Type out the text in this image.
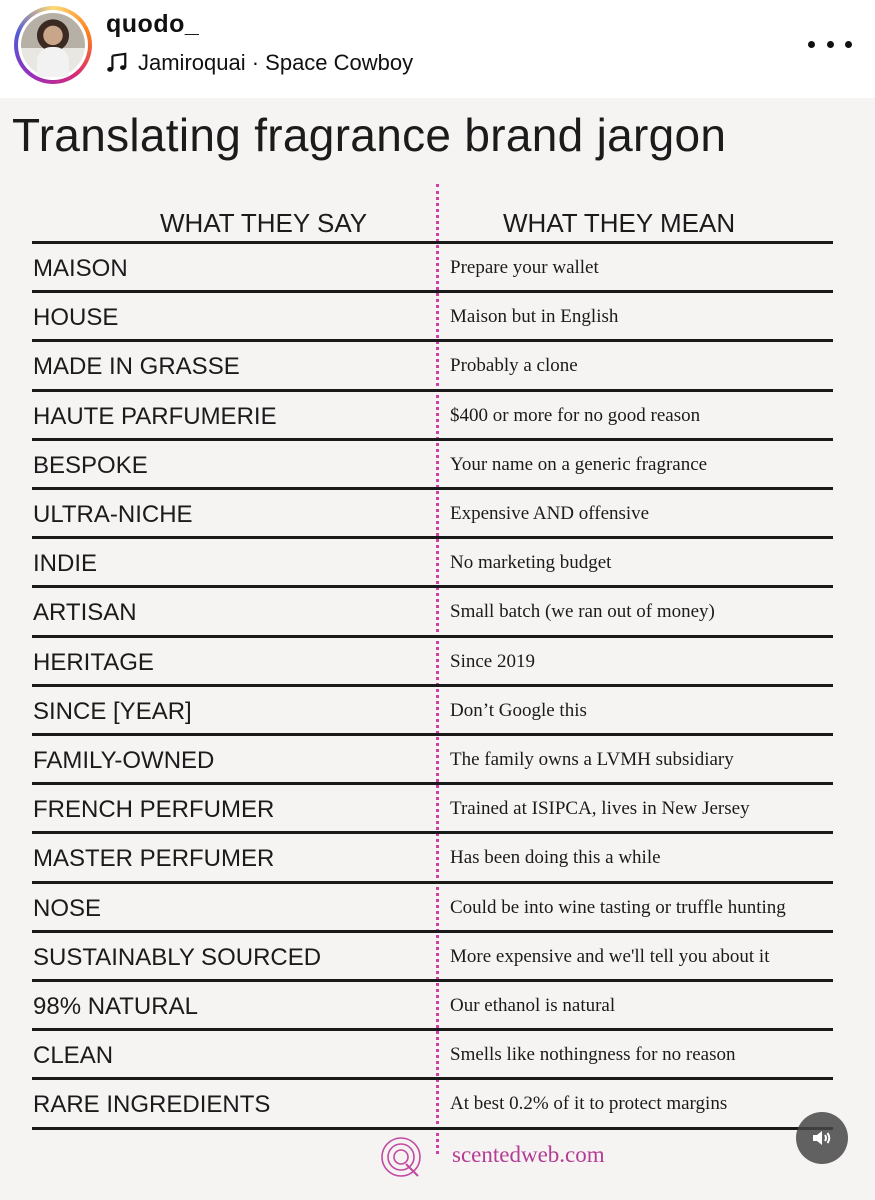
quodo_
Jamiroquai · Space Cowboy
Translating fragrance brand jargon
WHAT THEY SAY	WHAT THEY MEAN
MAISON	Prepare your wallet
HOUSE	Maison but in English
MADE IN GRASSE	Probably a clone
HAUTE PARFUMERIE	$400 or more for no good reason
BESPOKE	Your name on a generic fragrance
ULTRA-NICHE	Expensive AND offensive
INDIE	No marketing budget
ARTISAN	Small batch (we ran out of money)
HERITAGE	Since 2019
SINCE [YEAR]	Don’t Google this
FAMILY-OWNED	The family owns a LVMH subsidiary
FRENCH PERFUMER	Trained at ISIPCA, lives in New Jersey
MASTER PERFUMER	Has been doing this a while
NOSE	Could be into wine tasting or truffle hunting
SUSTAINABLY SOURCED	More expensive and we'll tell you about it
98% NATURAL	Our ethanol is natural
CLEAN	Smells like nothingness for no reason
RARE INGREDIENTS	At best 0.2% of it to protect margins
scentedweb.com
